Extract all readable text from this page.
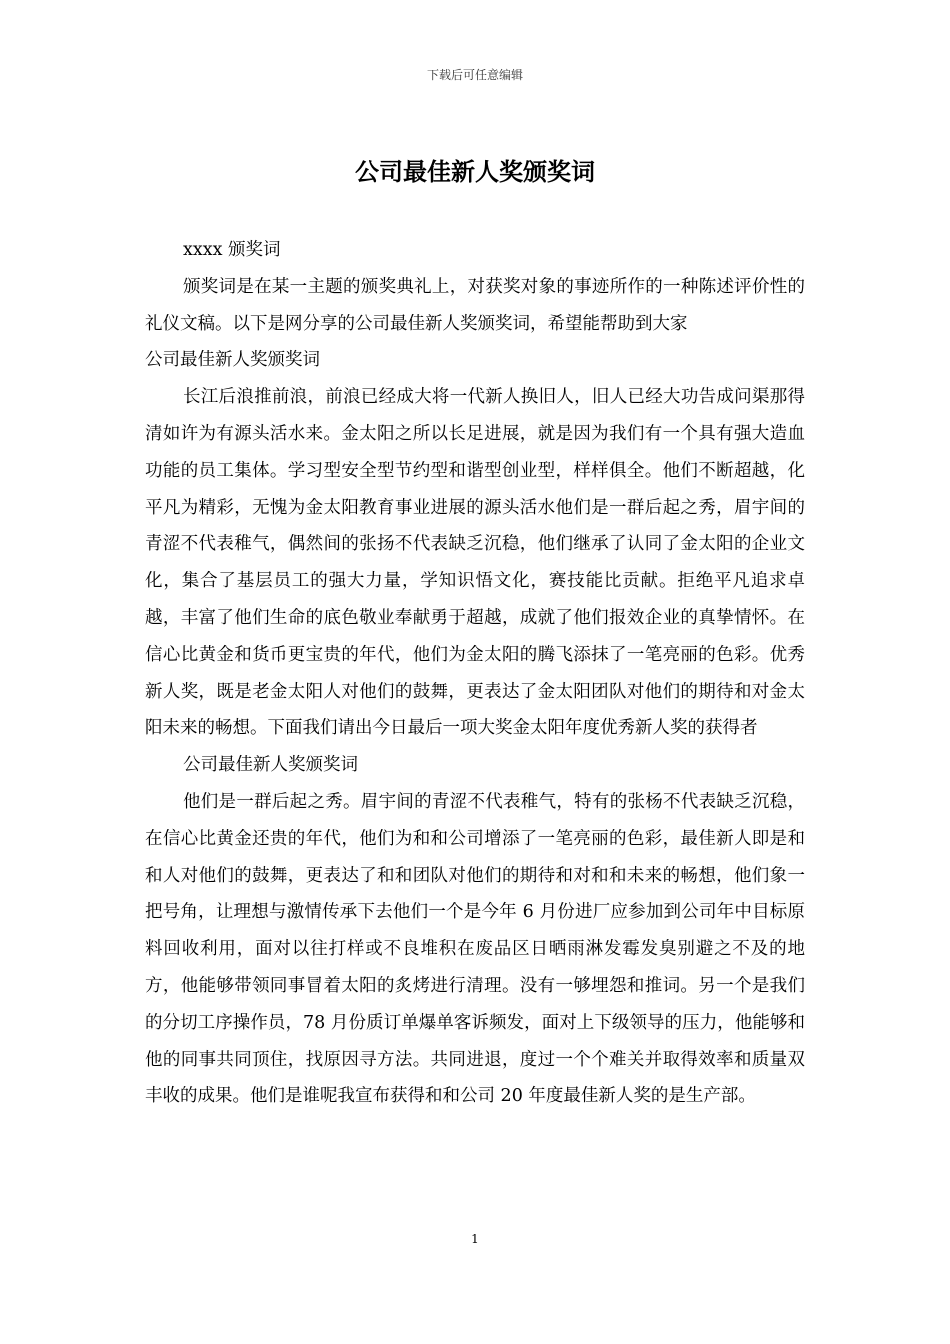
下载后可任意编辑
公司最佳新人奖颁奖词

xxxx 颁奖词

颁奖词是在某一主题的颁奖典礼上，对获奖对象的事迹所作的一种陈述评价性的礼仪文稿。以下是网分享的公司最佳新人奖颁奖词，希望能帮助到大家

公司最佳新人奖颁奖词

长江后浪推前浪，前浪已经成大将一代新人换旧人，旧人已经大功告成问渠那得清如许为有源头活水来。金太阳之所以长足进展，就是因为我们有一个具有强大造血功能的员工集体。学习型安全型节约型和谐型创业型，样样俱全。他们不断超越，化平凡为精彩，无愧为金太阳教育事业进展的源头活水他们是一群后起之秀，眉宇间的青涩不代表稚气，偶然间的张扬不代表缺乏沉稳，他们继承了认同了金太阳的企业文化，集合了基层员工的强大力量，学知识悟文化，赛技能比贡献。拒绝平凡追求卓越，丰富了他们生命的底色敬业奉献勇于超越，成就了他们报效企业的真挚情怀。在信心比黄金和货币更宝贵的年代，他们为金太阳的腾飞添抹了一笔亮丽的色彩。优秀新人奖，既是老金太阳人对他们的鼓舞，更表达了金太阳团队对他们的期待和对金太阳未来的畅想。下面我们请出今日最后一项大奖金太阳年度优秀新人奖的获得者

公司最佳新人奖颁奖词

他们是一群后起之秀。眉宇间的青涩不代表稚气，特有的张杨不代表缺乏沉稳，在信心比黄金还贵的年代，他们为和和公司增添了一笔亮丽的色彩，最佳新人即是和和人对他们的鼓舞，更表达了和和团队对他们的期待和对和和未来的畅想，他们象一把号角，让理想与激情传承下去他们一个是今年 6 月份进厂应参加到公司年中目标原料回收利用，面对以往打样或不良堆积在废品区日晒雨淋发霉发臭别避之不及的地方，他能够带领同事冒着太阳的炙烤进行清理。没有一够埋怨和推词。另一个是我们的分切工序操作员，78 月份质订单爆单客诉频发，面对上下级领导的压力，他能够和他的同事共同顶住，找原因寻方法。共同进退，度过一个个难关并取得效率和质量双丰收的成果。他们是谁呢我宣布获得和和公司 20 年度最佳新人奖的是生产部。

1
